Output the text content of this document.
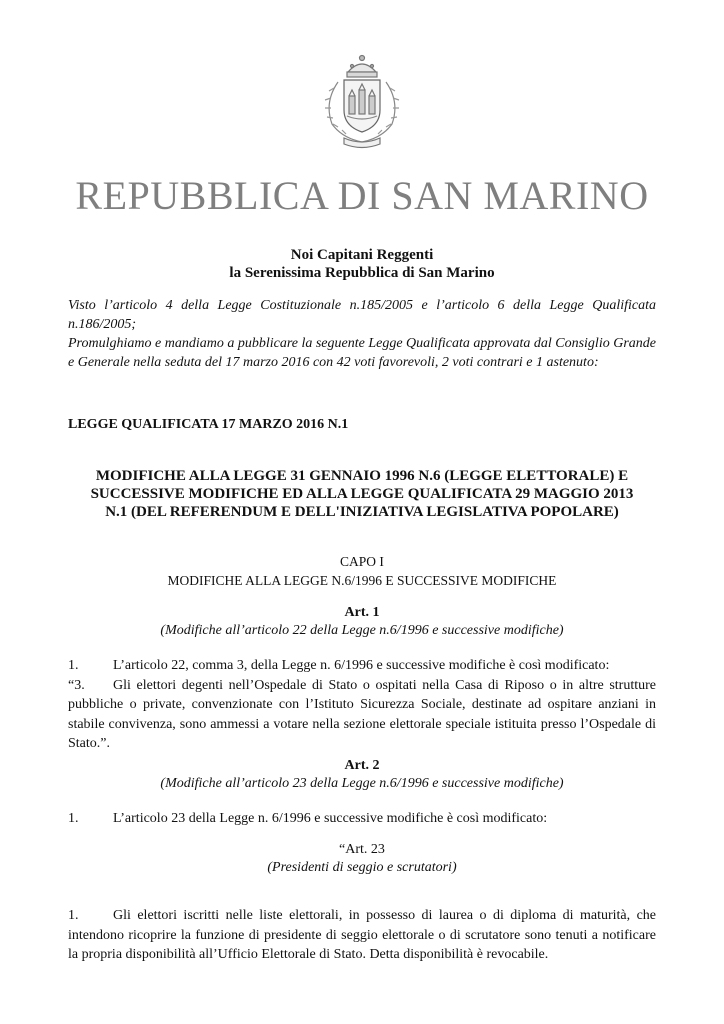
REPUBBLICA DI SAN MARINO
Noi Capitani Reggenti
la Serenissima Repubblica di San Marino

Visto l’articolo 4 della Legge Costituzionale n.185/2005 e l’articolo 6 della Legge Qualificata n.186/2005;

Promulghiamo e mandiamo a pubblicare la seguente Legge Qualificata approvata dal Consiglio Grande e Generale nella seduta del 17 marzo 2016 con 42 voti favorevoli, 2 voti contrari e 1 astenuto:

LEGGE QUALIFICATA 17 MARZO 2016 N.1
MODIFICHE ALLA LEGGE 31 GENNAIO 1996 N.6 (LEGGE ELETTORALE) E
SUCCESSIVE MODIFICHE ED ALLA LEGGE QUALIFICATA 29 MAGGIO 2013
N.1 (DEL REFERENDUM E DELL'INIZIATIVA LEGISLATIVA POPOLARE)
CAPO I
MODIFICHE ALLA LEGGE N.6/1996 E SUCCESSIVE MODIFICHE
Art. 1
(Modifiche all’articolo 22 della Legge n.6/1996 e successive modifiche)

1. L’articolo 22, comma 3, della Legge n. 6/1996 e successive modifiche è così modificato:

“3. Gli elettori degenti nell’Ospedale di Stato o ospitati nella Casa di Riposo o in altre strutture pubbliche o private, convenzionate con l’Istituto Sicurezza Sociale, destinate ad ospitare anziani in stabile convivenza, sono ammessi a votare nella sezione elettorale speciale istituita presso l’Ospedale di Stato.”.

Art. 2
(Modifiche all’articolo 23 della Legge n.6/1996 e successive modifiche)

1. L’articolo 23 della Legge n. 6/1996 e successive modifiche è così modificato:

“Art. 23
(Presidenti di seggio e scrutatori)

1. Gli elettori iscritti nelle liste elettorali, in possesso di laurea o di diploma di maturità, che intendono ricoprire la funzione di presidente di seggio elettorale o di scrutatore sono tenuti a notificare la propria disponibilità all’Ufficio Elettorale di Stato. Detta disponibilità è revocabile.
